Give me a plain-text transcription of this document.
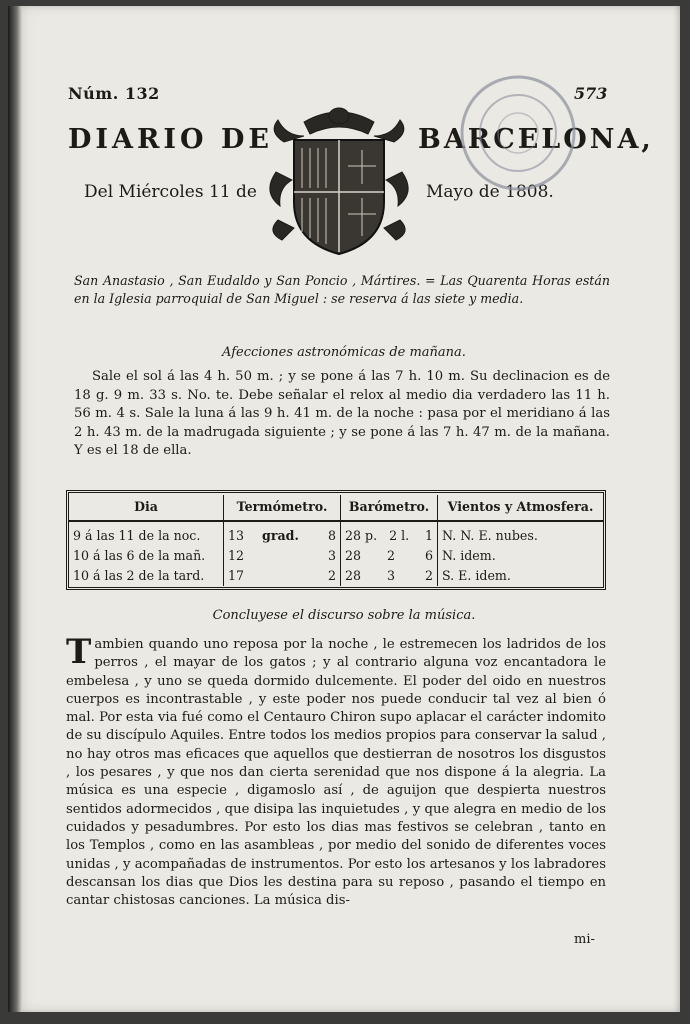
Núm. 132	573
DIARIO DE	BARCELONA,
Del Miércoles 11 de	Mayo de 1808.
San Anastasio , San Eudaldo y San Poncio , Mártires. = Las Quarenta Horas están en la Iglesia parroquial de San Miguel : se reserva á las siete y media.
Afecciones astronómicas de mañana.
Sale el sol á las 4 h. 50 m. ; y se pone á las 7 h. 10 m. Su declinacion es de 18 g. 9 m. 33 s. No. te. Debe señalar el relox al medio dia verdadero las 11 h. 56 m. 4 s. Sale la luna á las 9 h. 41 m. de la noche : pasa por el meridiano á las 2 h. 43 m. de la madrugada siguiente ; y se pone á las 7 h. 47 m. de la mañana. Y es el 18 de ella.
Dia	Termómetro.	Barómetro.	Vientos y Atmosfera.
9 á las 11 de la noc.	13 grad. 8	28 p. 2 l. 1	N. N. E. nubes.
10 á las 6 de la mañ.	12 3	28 2 6	N. idem.
10 á las 2 de la tard.	17 2	28 3 2	S. E. idem.
Concluyese el discurso sobre la música.
Tambien quando uno reposa por la noche , le estremecen los ladridos de los perros , el mayar de los gatos ; y al contrario alguna voz encantadora le embelesa , y uno se queda dormido dulcemente. El poder del oido en nuestros cuerpos es incontrastable , y este poder nos puede conducir tal vez al bien ó mal. Por esta via fué como el Centauro Chiron supo aplacar el carácter indomito de su discípulo Aquiles. Entre todos los medios propios para conservar la salud , no hay otros mas eficaces que aquellos que destierran de nosotros los disgustos , los pesares , y que nos dan cierta serenidad que nos dispone á la alegria. La música es una especie , digamoslo así , de aguijon que despierta nuestros sentidos adormecidos , que disipa las inquietudes , y que alegra en medio de los cuidados y pesadumbres. Por esto los dias mas festivos se celebran , tanto en los Templos , como en las asambleas , por medio del sonido de diferentes voces unidas , y acompañadas de instrumentos. Por esto los artesanos y los labradores descansan los dias que Dios les destina para su reposo , pasando el tiempo en cantar chistosas canciones. La música dis-
mi-
